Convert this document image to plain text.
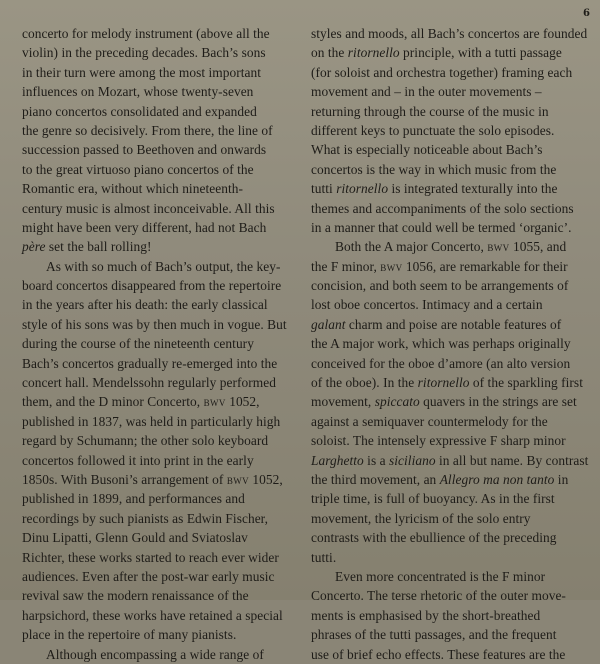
6

concerto for melody instrument (above all the
violin) in the preceding decades. Bach’s sons
in their turn were among the most important
influences on Mozart, whose twenty-seven
piano concertos consolidated and expanded
the genre so decisively. From there, the line of
succession passed to Beethoven and onwards
to the great virtuoso piano concertos of the
Romantic era, without which nineteenth-
century music is almost inconceivable. All this
might have been very different, had not Bach
père set the ball rolling!
As with so much of Bach’s output, the key-
board concertos disappeared from the repertoire
in the years after his death: the early classical
style of his sons was by then much in vogue. But
during the course of the nineteenth century
Bach’s concertos gradually re-emerged into the
concert hall. Mendelssohn regularly performed
them, and the D minor Concerto, bwv 1052,
published in 1837, was held in particularly high
regard by Schumann; the other solo keyboard
concertos followed it into print in the early
1850s. With Busoni’s arrangement of bwv 1052,
published in 1899, and performances and
recordings by such pianists as Edwin Fischer,
Dinu Lipatti, Glenn Gould and Sviatoslav
Richter, these works started to reach ever wider
audiences. Even after the post-war early music
revival saw the modern renaissance of the
harpsichord, these works have retained a special
place in the repertoire of many pianists.
Although encompassing a wide range of
styles and moods, all Bach’s concertos are founded
on the ritornello principle, with a tutti passage
(for soloist and orchestra together) framing each
movement and – in the outer movements –
returning through the course of the music in
different keys to punctuate the solo episodes.
What is especially noticeable about Bach’s
concertos is the way in which music from the
tutti ritornello is integrated texturally into the
themes and accompaniments of the solo sections
in a manner that could well be termed ‘organic’.
Both the A major Concerto, bwv 1055, and
the F minor, bwv 1056, are remarkable for their
concision, and both seem to be arrangements of
lost oboe concertos. Intimacy and a certain
galant charm and poise are notable features of
the A major work, which was perhaps originally
conceived for the oboe d’amore (an alto version
of the oboe). In the ritornello of the sparkling first
movement, spiccato quavers in the strings are set
against a semiquaver countermelody for the
soloist. The intensely expressive F sharp minor
Larghetto is a siciliano in all but name. By contrast
the third movement, an Allegro ma non tanto in
triple time, is full of buoyancy. As in the first
movement, the lyricism of the solo entry
contrasts with the ebullience of the preceding
tutti.
Even more concentrated is the F minor
Concerto. The terse rhetoric of the outer move-
ments is emphasised by the short-breathed
phrases of the tutti passages, and the frequent
use of brief echo effects. These features are the
